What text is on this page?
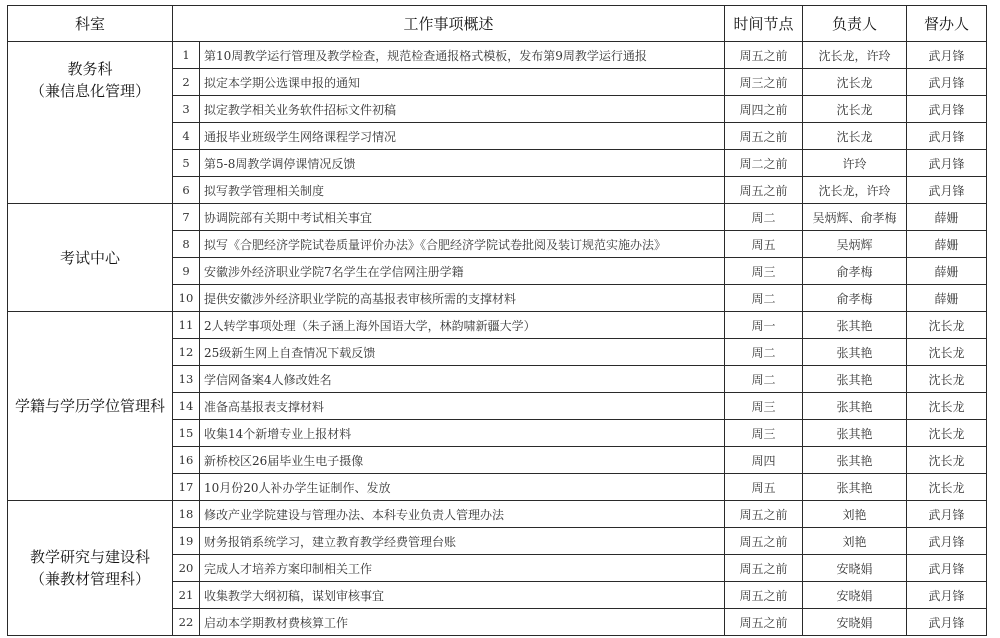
科室	工作事项概述		时间节点	负责人	督办人

教务科
（兼信息化管理）	1	第10周教学运行管理及教学检查，规范检查通报格式模板，发布第9周教学运行通报	周五之前	沈长龙，许玲	武月锋
	2	拟定本学期公选课申报的通知	周三之前	沈长龙	武月锋
	3	拟定教学相关业务软件招标文件初稿	周四之前	沈长龙	武月锋
	4	通报毕业班级学生网络课程学习情况	周五之前	沈长龙	武月锋
	5	第5-8周教学调停课情况反馈	周二之前	许玲	武月锋
	6	拟写教学管理相关制度	周五之前	沈长龙，许玲	武月锋

考试中心	7	协调院部有关期中考试相关事宜	周二	吴炳辉、俞孝梅	薛姗
	8	拟写《合肥经济学院试卷质量评价办法》《合肥经济学院试卷批阅及装订规范实施办法》	周五	吴炳辉	薛姗
	9	安徽涉外经济职业学院7名学生在学信网注册学籍	周三	俞孝梅	薛姗
	10	提供安徽涉外经济职业学院的高基报表审核所需的支撑材料	周二	俞孝梅	薛姗

学籍与学历学位管理科	11	2人转学事项处理（朱子涵上海外国语大学，林韵啸新疆大学）	周一	张其艳	沈长龙
	12	25级新生网上自查情况下载反馈	周二	张其艳	沈长龙
	13	学信网备案4人修改姓名	周二	张其艳	沈长龙
	14	准备高基报表支撑材料	周三	张其艳	沈长龙
	15	收集14个新增专业上报材料	周三	张其艳	沈长龙
	16	新桥校区26届毕业生电子摄像	周四	张其艳	沈长龙
	17	10月份20人补办学生证制作、发放	周五	张其艳	沈长龙

教学研究与建设科
（兼教材管理科）	18	修改产业学院建设与管理办法、本科专业负责人管理办法	周五之前	刘艳	武月锋
	19	财务报销系统学习，建立教育教学经费管理台账	周五之前	刘艳	武月锋
	20	完成人才培养方案印制相关工作	周五之前	安晓娟	武月锋
	21	收集教学大纲初稿，谋划审核事宜	周五之前	安晓娟	武月锋
	22	启动本学期教材费核算工作	周五之前	安晓娟	武月锋
